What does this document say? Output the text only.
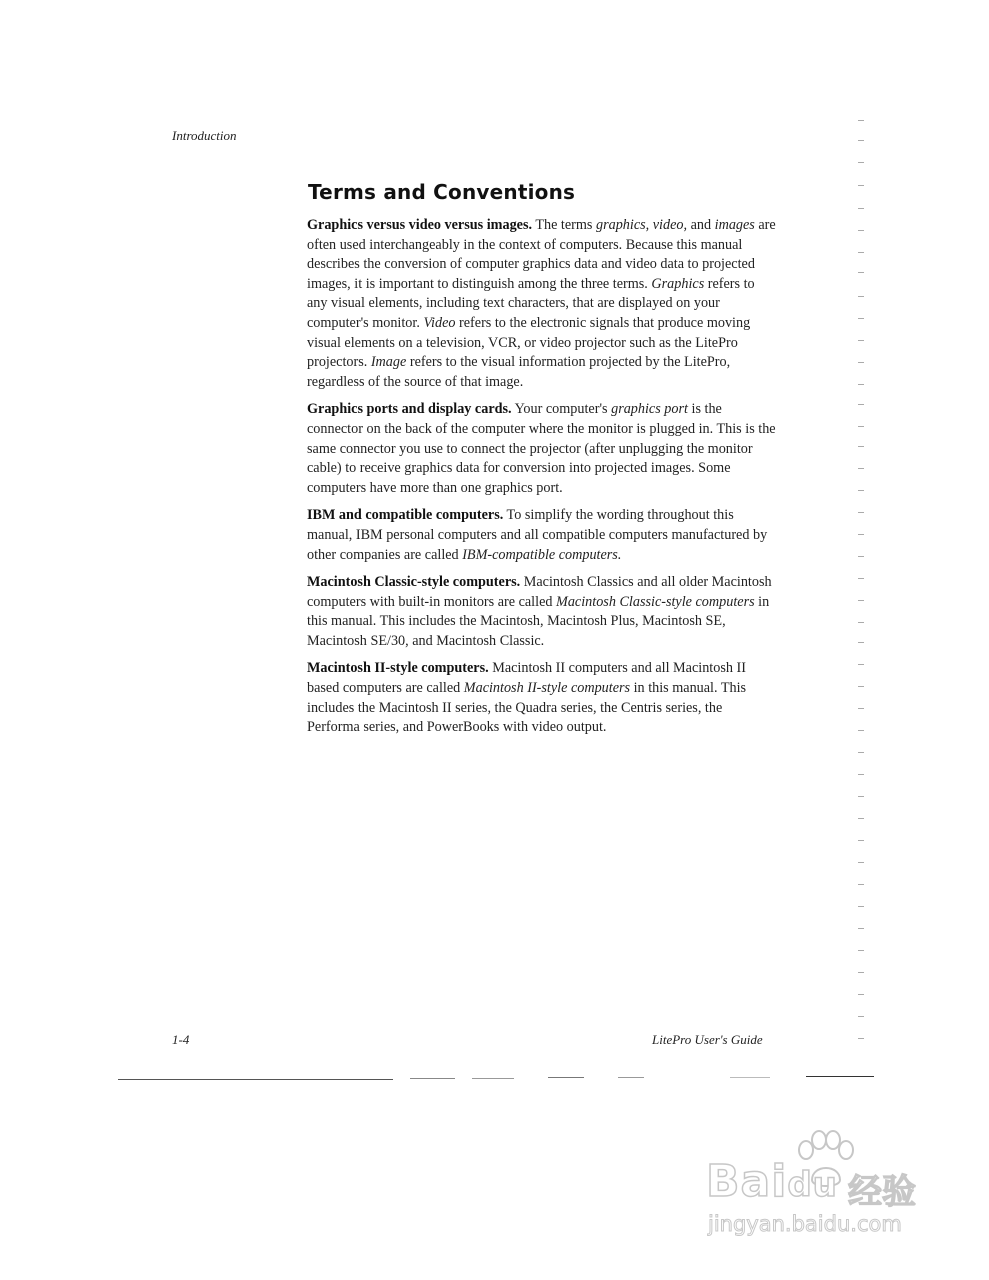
Introduction
Terms and Conventions

Graphics versus video versus images. The terms graphics, video, and images are often used interchangeably in the context of computers. Because this manual describes the conversion of computer graphics data and video data to projected images, it is important to distinguish among the three terms. Graphics refers to any visual elements, including text characters, that are displayed on your computer's monitor. Video refers to the electronic signals that produce moving visual elements on a television, VCR, or video projector such as the LitePro projectors. Image refers to the visual information projected by the LitePro, regardless of the source of that image.

Graphics ports and display cards. Your computer's graphics port is the connector on the back of the computer where the monitor is plugged in. This is the same connector you use to connect the projector (after unplugging the monitor cable) to receive graphics data for conversion into projected images. Some computers have more than one graphics port.

IBM and compatible computers. To simplify the wording throughout this manual, IBM personal computers and all compatible computers manufactured by other companies are called IBM-compatible computers.

Macintosh Classic-style computers. Macintosh Classics and all older Macintosh computers with built-in monitors are called Macintosh Classic-style computers in this manual. This includes the Macintosh, Macintosh Plus, Macintosh SE, Macintosh SE/30, and Macintosh Classic.

Macintosh II-style computers. Macintosh II computers and all Macintosh II based computers are called Macintosh II-style computers in this manual. This includes the Macintosh II series, the Quadra series, the Centris series, the Performa series, and PowerBooks with video output.

1-4	LitePro User's Guide
Baidu 经验
jingyan.baidu.com
